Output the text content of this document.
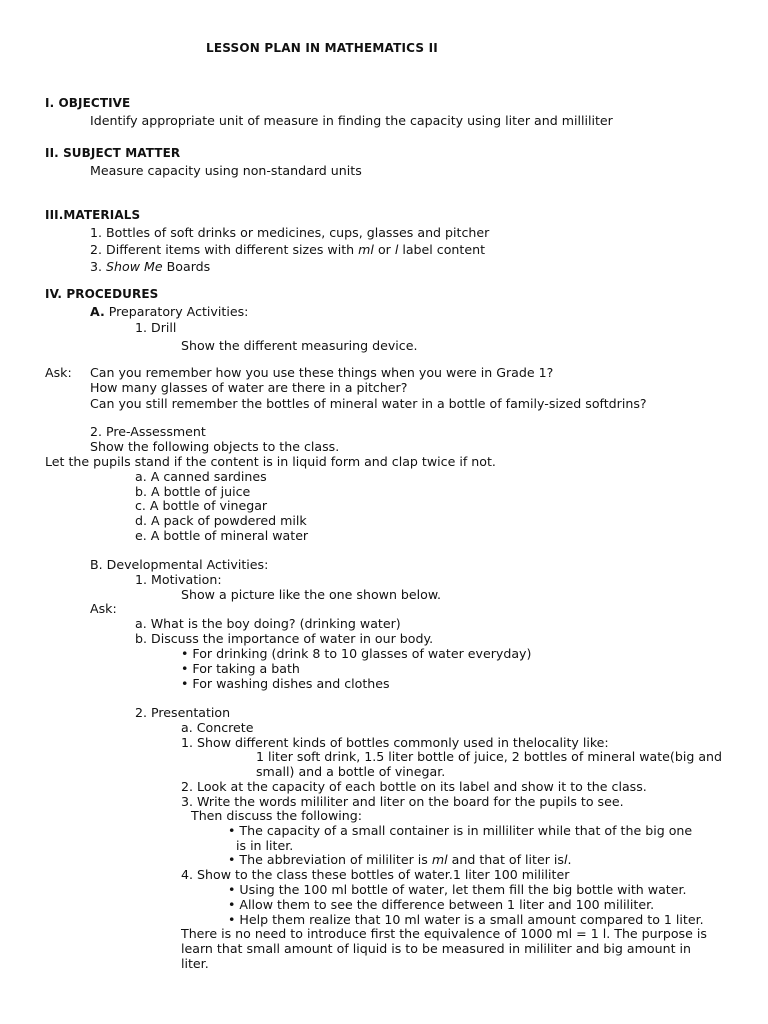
LESSON PLAN IN MATHEMATICS II
I. OBJECTIVE
Identify appropriate unit of measure in finding the capacity using liter and milliliter
II. SUBJECT MATTER
Measure capacity using non-standard units
III.MATERIALS
1. Bottles of soft drinks or medicines, cups, glasses and pitcher
2. Different items with different sizes with ml or l label content
3. Show Me Boards
IV. PROCEDURES
A. Preparatory Activities:
1. Drill
Show the different measuring device.
Ask: Can you remember how you use these things when you were in Grade 1?
How many glasses of water are there in a pitcher?
Can you still remember the bottles of mineral water in a bottle of family-sized softdrins?
2. Pre-Assessment
Show the following objects to the class.
Let the pupils stand if the content is in liquid form and clap twice if not.
a. A canned sardines
b. A bottle of juice
c. A bottle of vinegar
d. A pack of powdered milk
e. A bottle of mineral water
B. Developmental Activities:
1. Motivation:
Show a picture like the one shown below.
Ask:
a. What is the boy doing? (drinking water)
b. Discuss the importance of water in our body.
• For drinking (drink 8 to 10 glasses of water everyday)
• For taking a bath
• For washing dishes and clothes
2. Presentation
a. Concrete
1. Show different kinds of bottles commonly used in thelocality like:
1 liter soft drink, 1.5 liter bottle of juice, 2 bottles of mineral wate(big and
small) and a bottle of vinegar.
2. Look at the capacity of each bottle on its label and show it to the class.
3. Write the words mililiter and liter on the board for the pupils to see.
Then discuss the following:
• The capacity of a small container is in milliliter while that of the big one
is in liter.
• The abbreviation of mililiter is ml and that of liter isl.
4. Show to the class these bottles of water.1 liter 100 mililiter
• Using the 100 ml bottle of water, let them fill the big bottle with water.
• Allow them to see the difference between 1 liter and 100 mililiter.
• Help them realize that 10 ml water is a small amount compared to 1 liter.
There is no need to introduce first the equivalence of 1000 ml = 1 l. The purpose is
learn that small amount of liquid is to be measured in mililiter and big amount in
liter.
